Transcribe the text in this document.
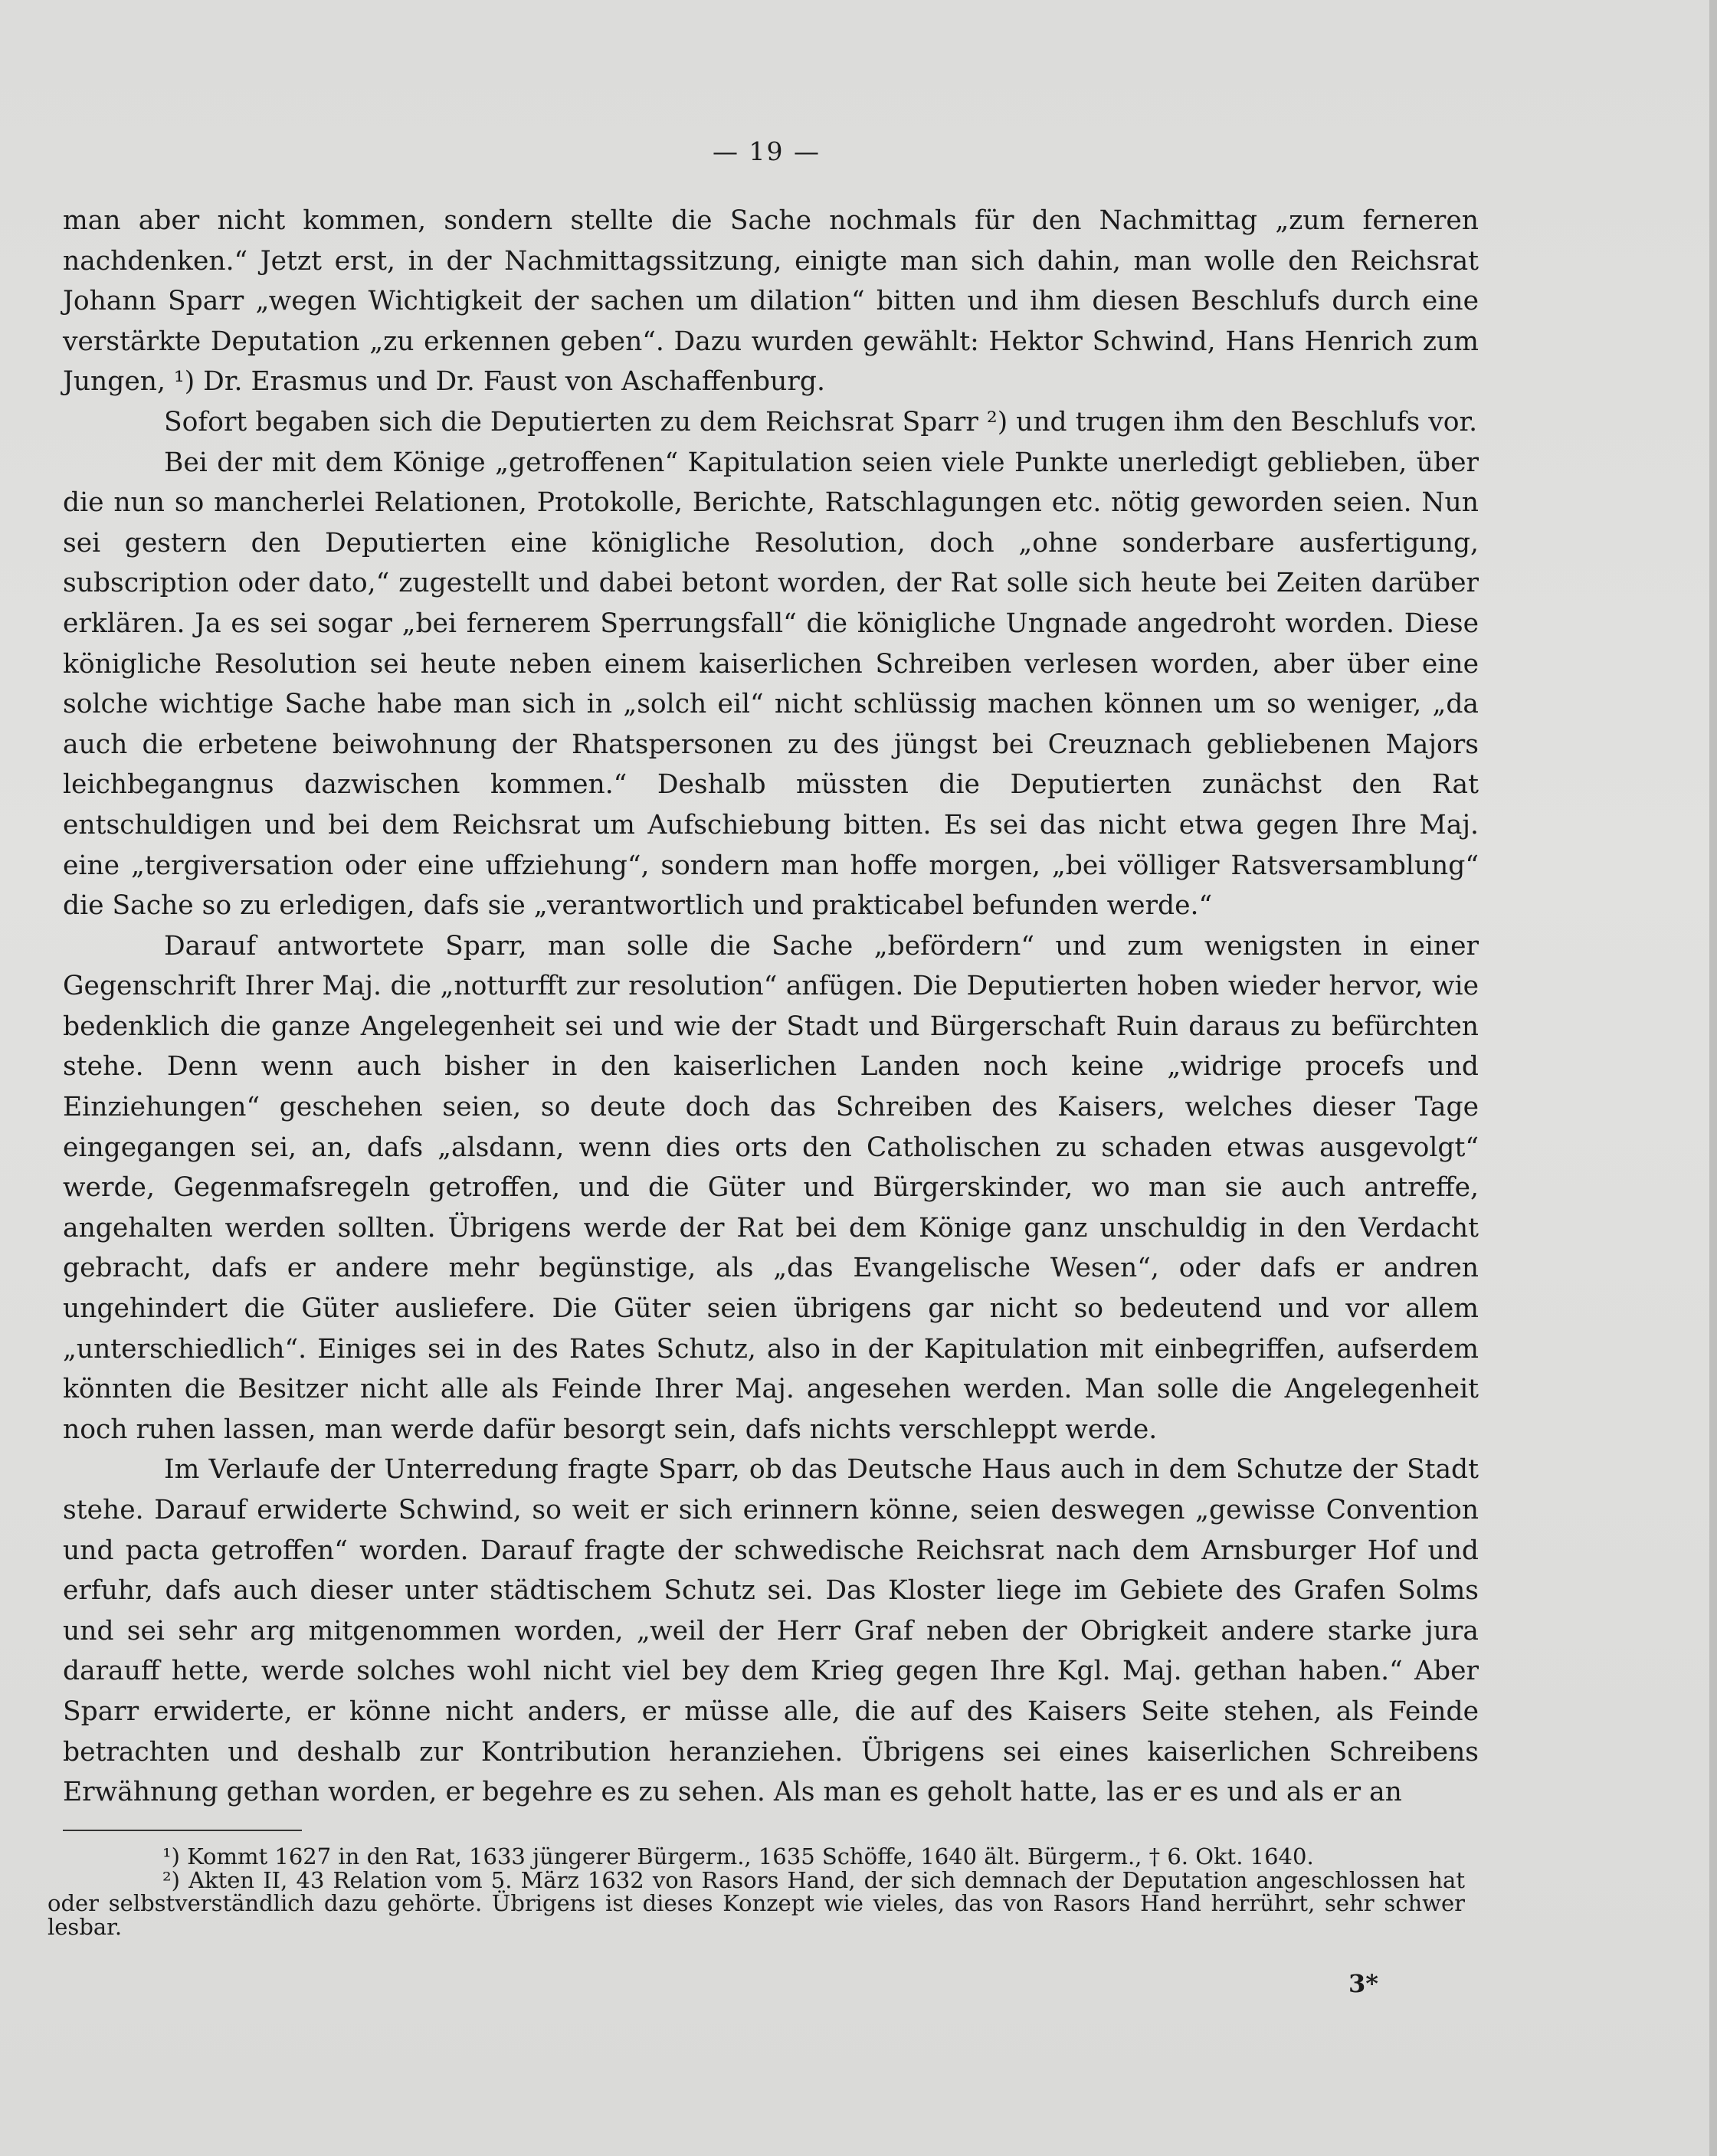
— 19 —

man aber nicht kommen, sondern stellte die Sache nochmals für den Nachmittag „zum ferneren nachdenken.“ Jetzt erst, in der Nachmittagssitzung, einigte man sich dahin, man wolle den Reichsrat Johann Sparr „wegen Wichtigkeit der sachen um dilation“ bitten und ihm diesen Beschlufs durch eine verstärkte Deputation „zu erkennen geben“. Dazu wurden gewählt: Hektor Schwind, Hans Henrich zum Jungen, ¹) Dr. Erasmus und Dr. Faust von Aschaffenburg.

Sofort begaben sich die Deputierten zu dem Reichsrat Sparr ²) und trugen ihm den Beschlufs vor.

Bei der mit dem Könige „getroffenen“ Kapitulation seien viele Punkte unerledigt geblieben, über die nun so mancherlei Relationen, Protokolle, Berichte, Ratschlagungen etc. nötig geworden seien. Nun sei gestern den Deputierten eine königliche Resolution, doch „ohne sonderbare ausfertigung, subscription oder dato,“ zugestellt und dabei betont worden, der Rat solle sich heute bei Zeiten darüber erklären. Ja es sei sogar „bei fernerem Sperrungsfall“ die königliche Ungnade angedroht worden. Diese königliche Resolution sei heute neben einem kaiserlichen Schreiben verlesen worden, aber über eine solche wichtige Sache habe man sich in „solch eil“ nicht schlüssig machen können um so weniger, „da auch die erbetene beiwohnung der Rhatspersonen zu des jüngst bei Creuznach gebliebenen Majors leichbegangnus dazwischen kommen.“ Deshalb müssten die Deputierten zunächst den Rat entschuldigen und bei dem Reichsrat um Aufschiebung bitten. Es sei das nicht etwa gegen Ihre Maj. eine „tergiversation oder eine uffziehung“, sondern man hoffe morgen, „bei völliger Ratsversamblung“ die Sache so zu erledigen, dafs sie „verantwortlich und prakticabel befunden werde.“

Darauf antwortete Sparr, man solle die Sache „befördern“ und zum wenigsten in einer Gegenschrift Ihrer Maj. die „notturfft zur resolution“ anfügen. Die Deputierten hoben wieder hervor, wie bedenklich die ganze Angelegenheit sei und wie der Stadt und Bürgerschaft Ruin daraus zu befürchten stehe. Denn wenn auch bisher in den kaiserlichen Landen noch keine „widrige procefs und Einziehungen“ geschehen seien, so deute doch das Schreiben des Kaisers, welches dieser Tage eingegangen sei, an, dafs „alsdann, wenn dies orts den Catholischen zu schaden etwas ausgevolgt“ werde, Gegenmafsregeln getroffen, und die Güter und Bürgerskinder, wo man sie auch antreffe, angehalten werden sollten. Übrigens werde der Rat bei dem Könige ganz unschuldig in den Verdacht gebracht, dafs er andere mehr begünstige, als „das Evangelische Wesen“, oder dafs er andren ungehindert die Güter ausliefere. Die Güter seien übrigens gar nicht so bedeutend und vor allem „unterschiedlich“. Einiges sei in des Rates Schutz, also in der Kapitulation mit einbegriffen, aufserdem könnten die Besitzer nicht alle als Feinde Ihrer Maj. angesehen werden. Man solle die Angelegenheit noch ruhen lassen, man werde dafür besorgt sein, dafs nichts verschleppt werde.

Im Verlaufe der Unterredung fragte Sparr, ob das Deutsche Haus auch in dem Schutze der Stadt stehe. Darauf erwiderte Schwind, so weit er sich erinnern könne, seien deswegen „gewisse Convention und pacta getroffen“ worden. Darauf fragte der schwedische Reichsrat nach dem Arnsburger Hof und erfuhr, dafs auch dieser unter städtischem Schutz sei. Das Kloster liege im Gebiete des Grafen Solms und sei sehr arg mitgenommen worden, „weil der Herr Graf neben der Obrigkeit andere starke jura darauff hette, werde solches wohl nicht viel bey dem Krieg gegen Ihre Kgl. Maj. gethan haben.“ Aber Sparr erwiderte, er könne nicht anders, er müsse alle, die auf des Kaisers Seite stehen, als Feinde betrachten und deshalb zur Kontribution heranziehen. Übrigens sei eines kaiserlichen Schreibens Erwähnung gethan worden, er begehre es zu sehen. Als man es geholt hatte, las er es und als er an

¹) Kommt 1627 in den Rat, 1633 jüngerer Bürgerm., 1635 Schöffe, 1640 ält. Bürgerm., † 6. Okt. 1640.

²) Akten II, 43 Relation vom 5. März 1632 von Rasors Hand, der sich demnach der Deputation angeschlossen hat oder selbstverständlich dazu gehörte. Übrigens ist dieses Konzept wie vieles, das von Rasors Hand herrührt, sehr schwer lesbar.

3*
